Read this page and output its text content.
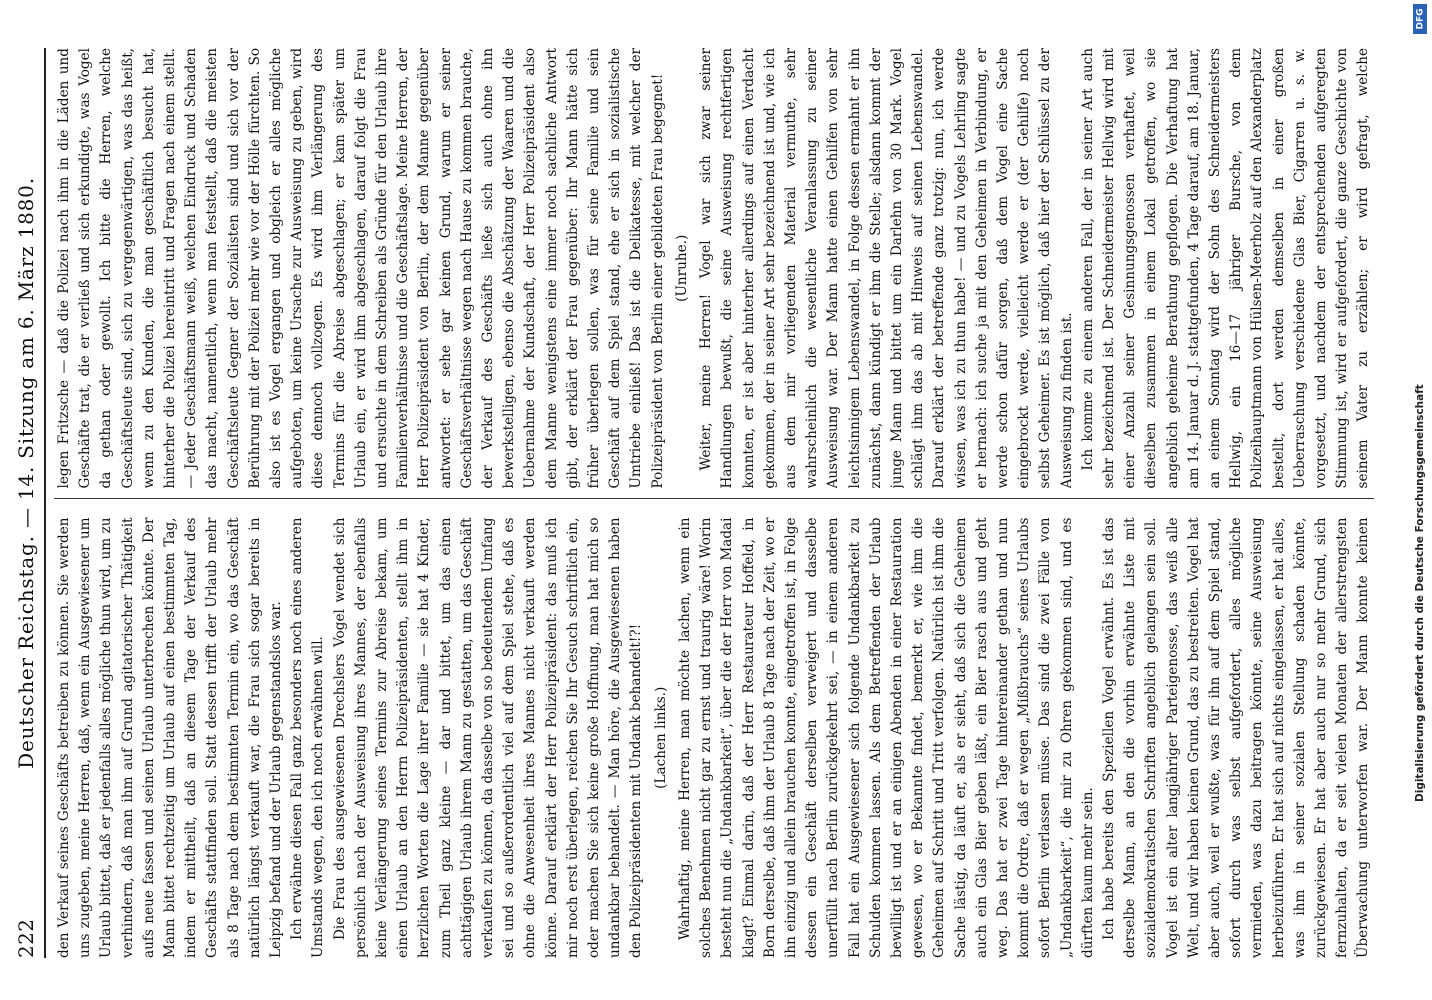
222
Deutscher Reichstag. — 14. Sitzung am 6. März 1880. den Verkauf seines Geschäfts betreiben zu können. Sie werden uns zugeben, meine Herren, daß, wenn ein Ausgewiesener um Urlaub bittet, daß er jedenfalls alles mögliche thun wird, um zu verhindern, daß man ihm auf Grund agitatorischer Thätigkeit aufs neue fassen und seinen Urlaub unterbrechen könnte. Der Mann bittet rechtzeitig um Urlaub auf einen bestimmten Tag, indem er mittheilt, daß an diesem Tage der Verkauf des Geschäfts stattfinden soll. Statt dessen trifft der Urlaub mehr als 8 Tage nach dem bestimmten Termin ein, wo das Geschäft natürlich längst verkauft war, die Frau sich sogar bereits in Leipzig befand und der Urlaub gegenstandslos war. Ich erwähne diesen Fall ganz besonders noch eines anderen Umstands wegen, den ich noch erwähnen will. Die Frau des ausgewiesenen Drechslers Vogel wendet sich persönlich nach der Ausweisung ihres Mannes, der ebenfalls keine Verlängerung seines Termins zur Abreise bekam, um einen Urlaub an den Herrn Polizeipräsidenten, stellt ihm in herzlichen Worten die Lage ihrer Familie — sie hat 4 Kinder, zum Theil ganz kleine — dar und bittet, um das einen achttägigen Urlaub ihrem Mann zu gestatten, um das Geschäft verkaufen zu können, da dasselbe von so bedeutendem Umfang sei und so außerordentlich viel auf dem Spiel stehe, daß es ohne die Anwesenheit ihres Mannes nicht verkauft werden könne. Darauf erklärt der Herr Polizeipräsident: das muß ich mir noch erst überlegen, reichen Sie Ihr Gesuch schriftlich ein, oder machen Sie sich keine große Hoffnung, man hat mich so undankbar behandelt. — Man höre, die Ausgewiesenen haben den Polizeipräsidenten mit Undank behandelt!?! (Lachen links.) Wahrhaftig, meine Herren, man möchte lachen, wenn ein solches Benehmen nicht gar zu ernst und traurig wäre! Worin besteht nun die „Undankbarkeit“, über die der Herr von Madai klagt? Einmal darin, daß der Herr Restaurateur Hoffeld, in Born derselbe, daß ihm der Urlaub 8 Tage nach der Zeit, wo er ihn einzig und allein brauchen konnte, eingetroffen ist, in Folge dessen ein Geschäft derselben verweigert und dasselbe unerfüllt nach Berlin zurückgekehrt sei, — in einem anderen Fall hat ein Ausgewiesener sich folgende Undankbarkeit zu Schulden kommen lassen. Als dem Betreffenden der Urlaub bewilligt ist und er an einigen Abenden in einer Restauration gewesen, wo er Bekannte findet, bemerkt er, wie ihm die Geheimen auf Schritt und Tritt verfolgen. Natürlich ist ihm die Sache lästig, da läuft er, als er sieht, daß sich die Geheimen auch ein Glas Bier geben läßt, ein Bier rasch aus und geht weg. Das hat er zwei Tage hintereinander gethan und nun kommt die Ordre, daß er wegen „Mißbrauchs“ seines Urlaubs sofort Berlin verlassen müsse. Das sind die zwei Fälle von „Undankbarkeit“, die mir zu Ohren gekommen sind, und es dürften kaum mehr sein. Ich habe bereits den Speziellen Vogel erwähnt. Es ist das derselbe Mann, an den die vorhin erwähnte Liste mit sozialdemokratischen Schriften angeblich gelangen sein soll. Vogel ist ein alter langjähriger Parteigenosse, das weiß alle Welt, und wir haben keinen Grund, das zu bestreiten. Vogel hat aber auch, weil er wußte, was für ihn auf dem Spiel stand, sofort durch was selbst aufgefordert, alles mögliche vermieden, was dazu beitragen könnte, seine Ausweisung herbeizuführen. Er hat sich auf nichts eingelassen, er hat alles, was ihm in seiner sozialen Stellung schaden könnte, zurückgewiesen. Er hat aber auch nur so mehr Grund, sich fernzuhalten, da er seit vielen Monaten der allerstrengsten Überwachung unterworfen war. Der Mann konnte keinen

legen Fritzsche — daß die Polizei nach ihm in die Läden und Geschäfte trat, die er verließ und sich erkundigte, was Vogel da gethan oder gewollt. Ich bitte die Herren, welche Geschäftsleute sind, sich zu vergegenwärtigen, was das heißt, wenn zu den Kunden, die man geschäftlich besucht hat, hinterher die Polizei hereintritt und Fragen nach einem stellt. — Jeder Geschäftsmann weiß, welchen Eindruck und Schaden das macht, namentlich, wenn man feststellt, daß die meisten Geschäftsleute Gegner der Sozialisten sind und sich vor der Berührung mit der Polizei mehr wie vor der Hölle fürchten. So also ist es Vogel ergangen und obgleich er alles mögliche aufgeboten, um keine Ursache zur Ausweisung zu geben, wird diese dennoch vollzogen. Es wird ihm Verlängerung des Termins für die Abreise abgeschlagen; er kam später um Urlaub ein, er wird ihm abgeschlagen, darauf folgt die Frau und ersuchte in dem Schreiben als Gründe für den Urlaub ihre Familienverhältnisse und die Geschäftslage. Meine Herren, der Herr Polizeipräsident von Berlin, der dem Manne gegenüber antwortet: er sehe gar keinen Grund, warum er seiner Geschäftsverhältnisse wegen nach Hause zu kommen brauche, der Verkauf des Geschäfts ließe sich auch ohne ihn bewerkstelligen, ebenso die Abschätzung der Waaren und die Uebernahme der Kundschaft, der Herr Polizeipräsident also dem Manne wenigstens eine immer noch sachliche Antwort gibt, der erklärt der Frau gegenüber: Ihr Mann hätte sich früher überlegen sollen, was für seine Familie und sein Geschäft auf dem Spiel stand, ehe er sich in sozialistische Umtriebe einließ! Das ist die Delikatesse, mit welcher der Polizeipräsident von Berlin einer gebildeten Frau begegnet! (Unruhe.) Weiter, meine Herren! Vogel war sich zwar seiner Handlungen bewußt, die seine Ausweisung rechtfertigen konnten, er ist aber hinterher allerdings auf einen Verdacht gekommen, der in seiner Art sehr bezeichnend ist und, wie ich aus dem mir vorliegenden Material vermuthe, sehr wahrscheinlich die wesentliche Veranlassung zu seiner Ausweisung war. Der Mann hatte einen Gehilfen von sehr leichtsinnigem Lebenswandel, in Folge dessen ermahnt er ihn zunächst, dann kündigt er ihm die Stelle; alsdann kommt der junge Mann und bittet um ein Darlehn von 30 Mark. Vogel schlägt ihm das ab mit Hinweis auf seinen Lebenswandel. Darauf erklärt der betreffende ganz trotzig: nun, ich werde wissen, was ich zu thun habe! — und zu Vogels Lehrling sagte er hernach: ich suche ja mit den Geheimen in Verbindung, er werde schon dafür sorgen, daß dem Vogel eine Sache eingebrockt werde, vielleicht werde er (der Gehilfe) noch selbst Geheimer. Es ist möglich, daß hier der Schlüssel zu der Ausweisung zu finden ist. Ich komme zu einem anderen Fall, der in seiner Art auch sehr bezeichnend ist. Der Schneidermeister Hellwig wird mit einer Anzahl seiner Gesinnungsgenossen verhaftet, weil dieselben zusammen in einem Lokal getroffen, wo sie angeblich geheime Berathung gepflogen. Die Verhaftung hat am 14. Januar d. J. stattgefunden, 4 Tage darauf, am 18. Januar, an einem Sonntag wird der Sohn des Schneidermeisters Hellwig, ein 16—17 jähriger Bursche, von dem Polizeihauptmann von Hülsen-Meerholz auf den Alexanderplatz bestellt, dort werden demselben in einer großen Ueberraschung verschiedene Glas Bier, Cigarren u. s. w. vorgesetzt, und nachdem der entsprechenden aufgeregten Stimmung ist, wird er aufgefordert, die ganze Geschichte von seinem Vater zu erzählen; er wird gefragt, welche

DFG
Digitalisierung gefördert durch die Deutsche Forschungsgemeinschaft
